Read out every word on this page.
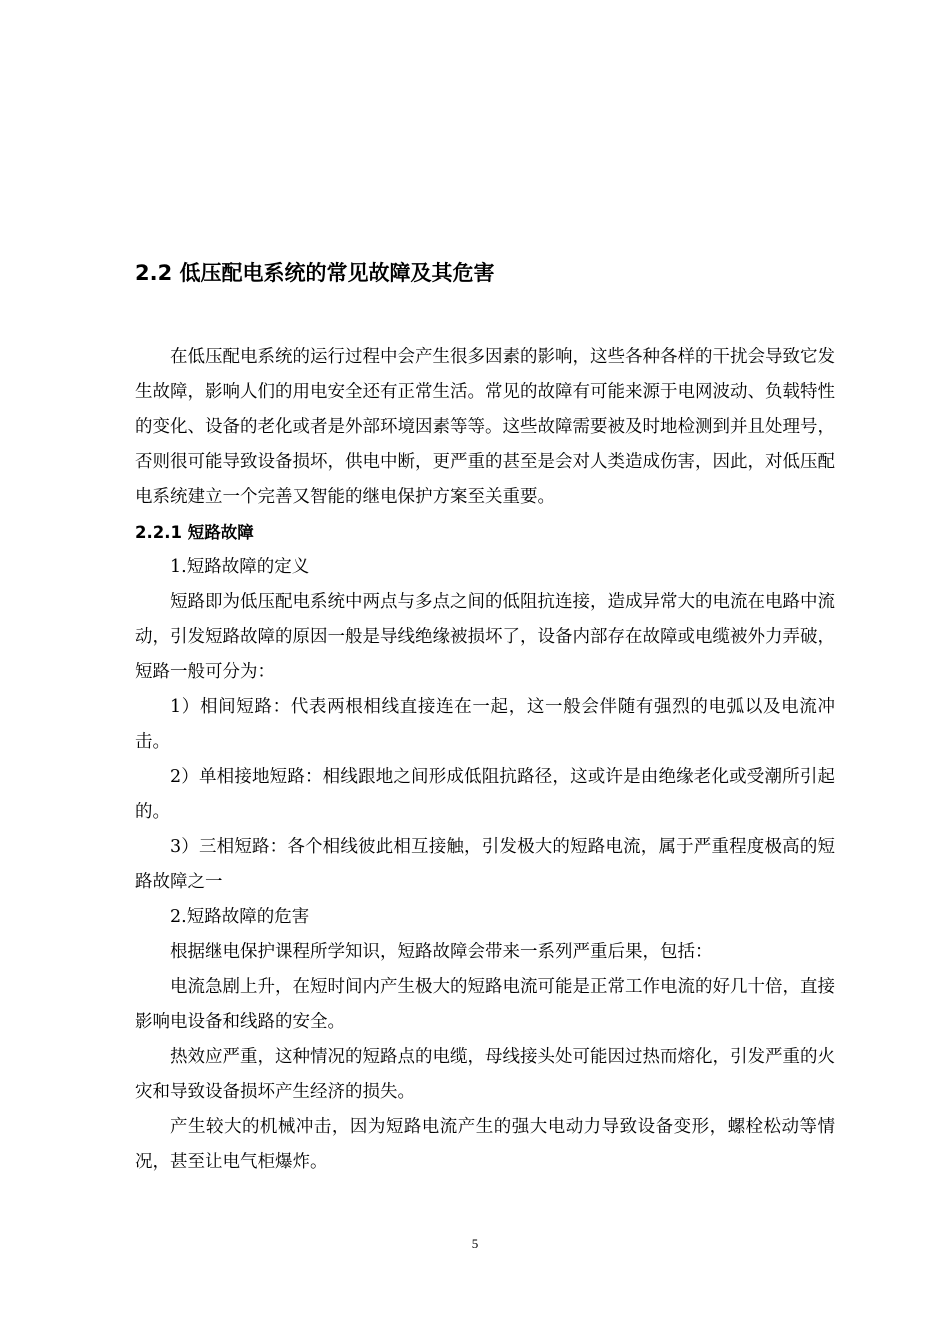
2.2 低压配电系统的常见故障及其危害

在低压配电系统的运行过程中会产生很多因素的影响，这些各种各样的干扰会导致它发生故障，影响人们的用电安全还有正常生活。常见的故障有可能来源于电网波动、负载特性的变化、设备的老化或者是外部环境因素等等。这些故障需要被及时地检测到并且处理号，否则很可能导致设备损坏，供电中断，更严重的甚至是会对人类造成伤害，因此，对低压配电系统建立一个完善又智能的继电保护方案至关重要。

2.2.1 短路故障

1.短路故障的定义

短路即为低压配电系统中两点与多点之间的低阻抗连接，造成异常大的电流在电路中流动，引发短路故障的原因一般是导线绝缘被损坏了，设备内部存在故障或电缆被外力弄破，短路一般可分为：

1）相间短路：代表两根相线直接连在一起，这一般会伴随有强烈的电弧以及电流冲击。

2）单相接地短路：相线跟地之间形成低阻抗路径，这或许是由绝缘老化或受潮所引起的。

3）三相短路：各个相线彼此相互接触，引发极大的短路电流，属于严重程度极高的短路故障之一

2.短路故障的危害

根据继电保护课程所学知识，短路故障会带来一系列严重后果，包括：

电流急剧上升，在短时间内产生极大的短路电流可能是正常工作电流的好几十倍，直接影响电设备和线路的安全。

热效应严重，这种情况的短路点的电缆，母线接头处可能因过热而熔化，引发严重的火灾和导致设备损坏产生经济的损失。

产生较大的机械冲击，因为短路电流产生的强大电动力导致设备变形，螺栓松动等情况，甚至让电气柜爆炸。

5
